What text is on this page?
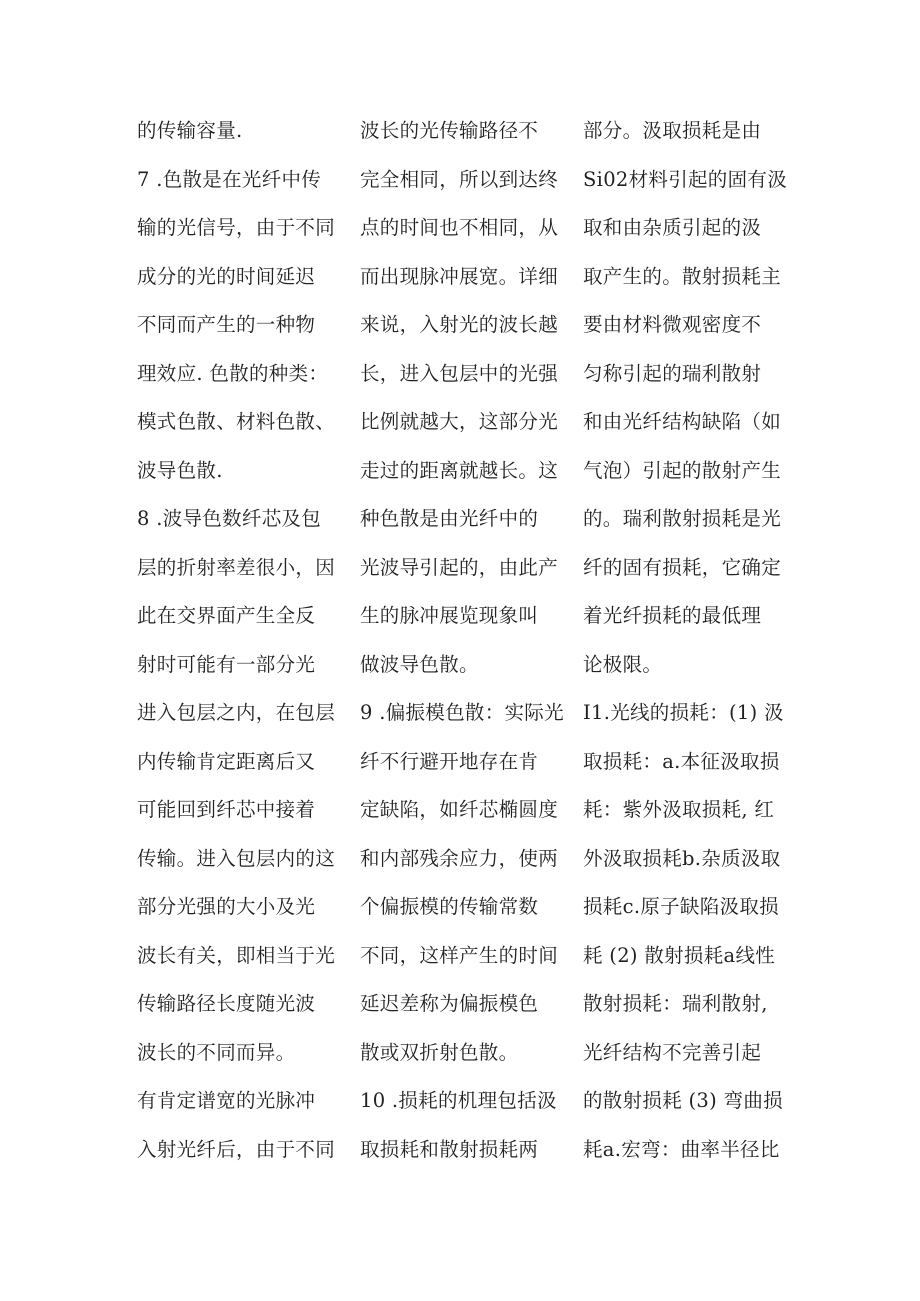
的传输容量.
7 .色散是在光纤中传
输的光信号，由于不同
成分的光的时间延迟
不同而产生的一种物
理效应. 色散的种类：
模式色散、材料色散、
波导色散.
8 .波导色数纤芯及包
层的折射率差很小，因
此在交界面产生全反
射时可能有一部分光
进入包层之内，在包层
内传输肯定距离后又
可能回到纤芯中接着
传输。进入包层内的这
部分光强的大小及光
波长有关，即相当于光
传输路径长度随光波
波长的不同而异。
有肯定谱宽的光脉冲
入射光纤后，由于不同
波长的光传输路径不
完全相同，所以到达终
点的时间也不相同，从
而出现脉冲展宽。详细
来说，入射光的波长越
长，进入包层中的光强
比例就越大，这部分光
走过的距离就越长。这
种色散是由光纤中的
光波导引起的，由此产
生的脉冲展览现象叫
做波导色散。
9 .偏振模色散：实际光
纤不行避开地存在肯
定缺陷，如纤芯椭圆度
和内部残余应力，使两
个偏振模的传输常数
不同，这样产生的时间
延迟差称为偏振模色
散或双折射色散。
10 .损耗的机理包括汲
取损耗和散射损耗两
部分。汲取损耗是由
Si02材料引起的固有汲
取和由杂质引起的汲
取产生的。散射损耗主
要由材料微观密度不
匀称引起的瑞利散射
和由光纤结构缺陷（如
气泡）引起的散射产生
的。瑞利散射损耗是光
纤的固有损耗，它确定
着光纤损耗的最低理
论极限。
I1.光线的损耗：(1) 汲
取损耗：a.本征汲取损
耗：紫外汲取损耗, 红
外汲取损耗b.杂质汲取
损耗c.原子缺陷汲取损
耗 (2) 散射损耗a线性
散射损耗：瑞利散射,
光纤结构不完善引起
的散射损耗 (3) 弯曲损
耗a.宏弯：曲率半径比
